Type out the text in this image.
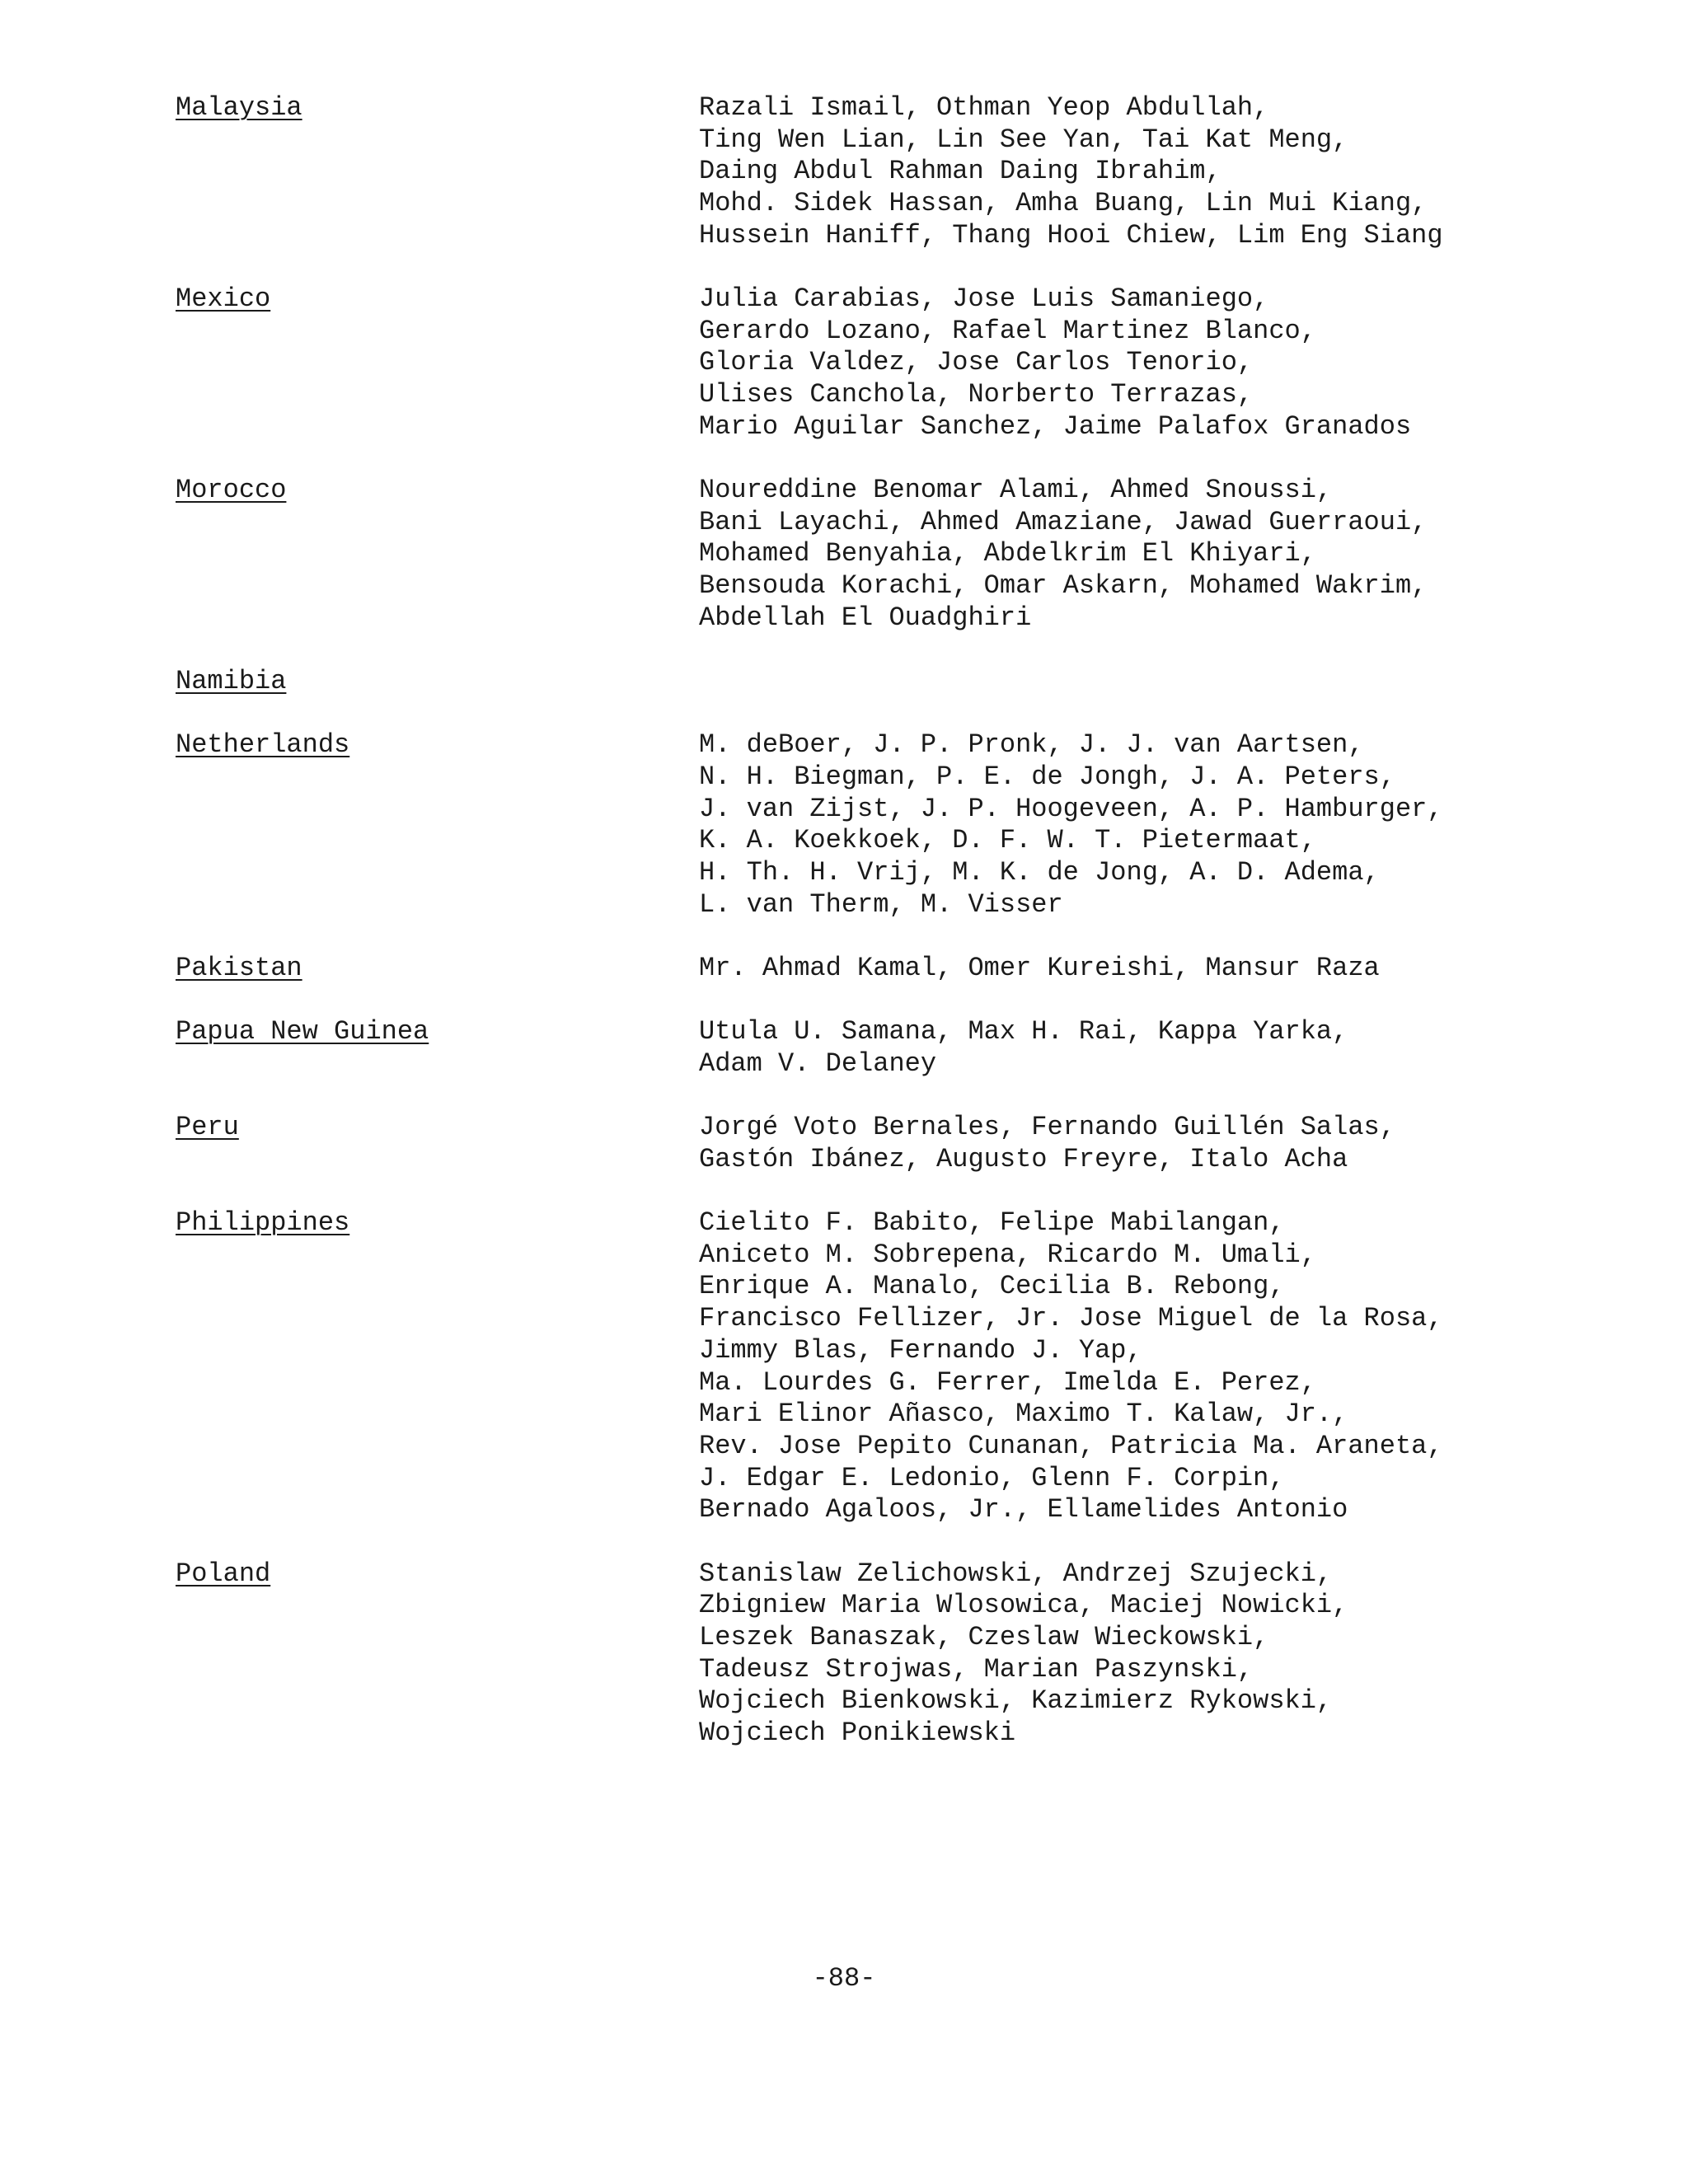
Malaysia	Razali Ismail, Othman Yeop Abdullah,
Ting Wen Lian, Lin See Yan, Tai Kat Meng,
Daing Abdul Rahman Daing Ibrahim,
Mohd. Sidek Hassan, Amha Buang, Lin Mui Kiang,
Hussein Haniff, Thang Hooi Chiew, Lim Eng Siang
Mexico	Julia Carabias, Jose Luis Samaniego,
Gerardo Lozano, Rafael Martinez Blanco,
Gloria Valdez, Jose Carlos Tenorio,
Ulises Canchola, Norberto Terrazas,
Mario Aguilar Sanchez, Jaime Palafox Granados
Morocco	Noureddine Benomar Alami, Ahmed Snoussi,
Bani Layachi, Ahmed Amaziane, Jawad Guerraoui,
Mohamed Benyahia, Abdelkrim El Khiyari,
Bensouda Korachi, Omar Askarn, Mohamed Wakrim,
Abdellah El Ouadghiri
Namibia
Netherlands	M. deBoer, J. P. Pronk, J. J. van Aartsen,
N. H. Biegman, P. E. de Jongh, J. A. Peters,
J. van Zijst, J. P. Hoogeveen, A. P. Hamburger,
K. A. Koekkoek, D. F. W. T. Pietermaat,
H. Th. H. Vrij, M. K. de Jong, A. D. Adema,
L. van Therm, M. Visser
Pakistan	Mr. Ahmad Kamal, Omer Kureishi, Mansur Raza
Papua New Guinea	Utula U. Samana, Max H. Rai, Kappa Yarka,
Adam V. Delaney
Peru	Jorgé Voto Bernales, Fernando Guillén Salas,
Gastón Ibánez, Augusto Freyre, Italo Acha
Philippines	Cielito F. Babito, Felipe Mabilangan,
Aniceto M. Sobrepena, Ricardo M. Umali,
Enrique A. Manalo, Cecilia B. Rebong,
Francisco Fellizer, Jr. Jose Miguel de la Rosa,
Jimmy Blas, Fernando J. Yap,
Ma. Lourdes G. Ferrer, Imelda E. Perez,
Mari Elinor Añasco, Maximo T. Kalaw, Jr.,
Rev. Jose Pepito Cunanan, Patricia Ma. Araneta,
J. Edgar E. Ledonio, Glenn F. Corpin,
Bernado Agaloos, Jr., Ellamelides Antonio
Poland	Stanislaw Zelichowski, Andrzej Szujecki,
Zbigniew Maria Wlosowica, Maciej Nowicki,
Leszek Banaszak, Czeslaw Wieckowski,
Tadeusz Strojwas, Marian Paszynski,
Wojciech Bienkowski, Kazimierz Rykowski,
Wojciech Ponikiewski
-88-
